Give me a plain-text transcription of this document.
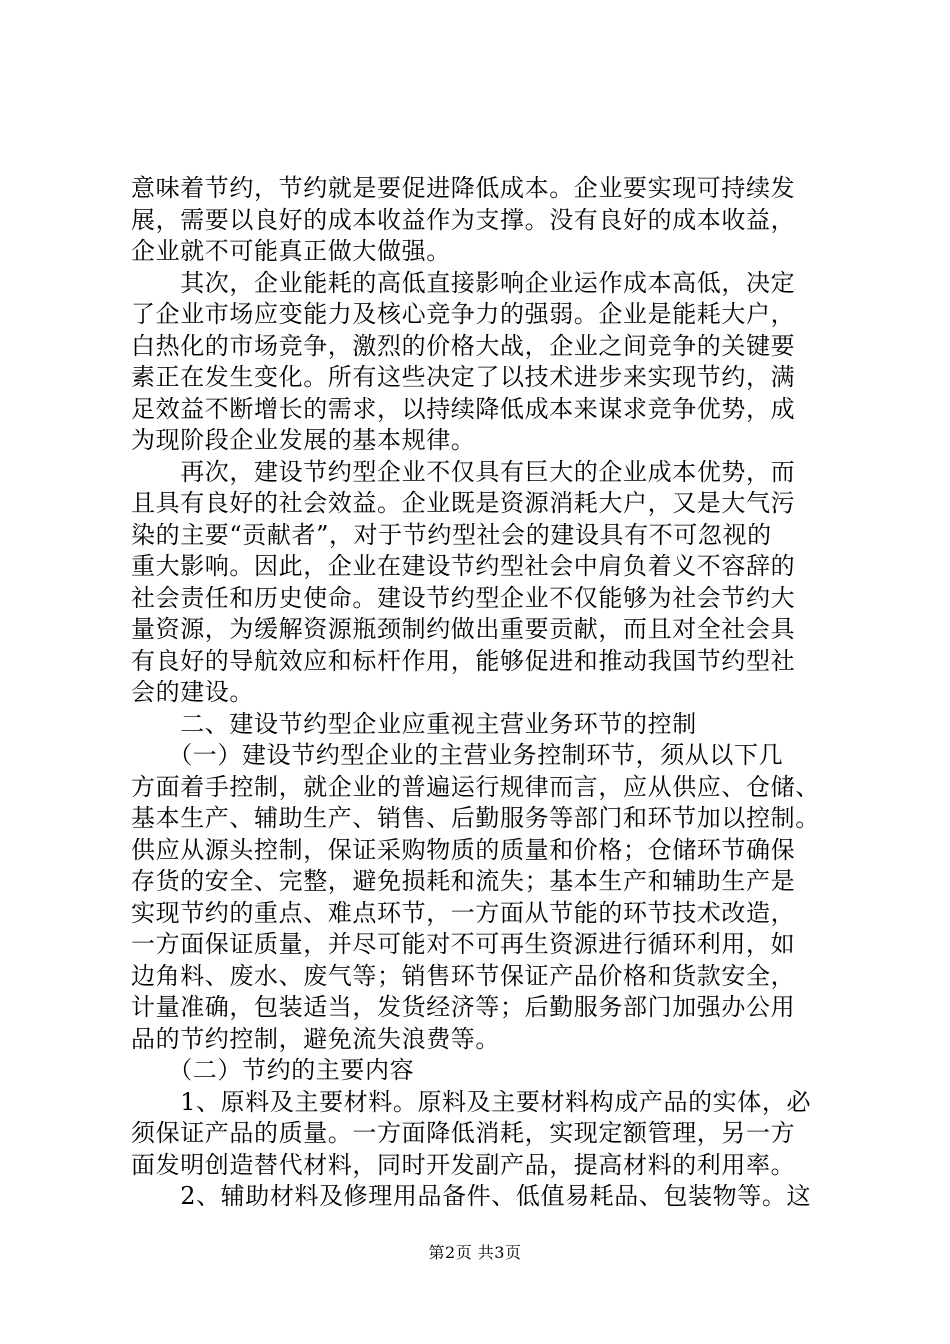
意味着节约，节约就是要促进降低成本。企业要实现可持续发
展，需要以良好的成本收益作为支撑。没有良好的成本收益，
企业就不可能真正做大做强。
　　其次，企业能耗的高低直接影响企业运作成本高低，决定
了企业市场应变能力及核心竞争力的强弱。企业是能耗大户，
白热化的市场竞争，激烈的价格大战，企业之间竞争的关键要
素正在发生变化。所有这些决定了以技术进步来实现节约，满
足效益不断增长的需求，以持续降低成本来谋求竞争优势，成
为现阶段企业发展的基本规律。
　　再次，建设节约型企业不仅具有巨大的企业成本优势，而
且具有良好的社会效益。企业既是资源消耗大户，又是大气污
染的主要“贡献者”，对于节约型社会的建设具有不可忽视的
重大影响。因此，企业在建设节约型社会中肩负着义不容辞的
社会责任和历史使命。建设节约型企业不仅能够为社会节约大
量资源，为缓解资源瓶颈制约做出重要贡献，而且对全社会具
有良好的导航效应和标杆作用，能够促进和推动我国节约型社
会的建设。
　　二、建设节约型企业应重视主营业务环节的控制
　　（一）建设节约型企业的主营业务控制环节，须从以下几
方面着手控制，就企业的普遍运行规律而言，应从供应、仓储、
基本生产、辅助生产、销售、后勤服务等部门和环节加以控制。
供应从源头控制，保证采购物质的质量和价格；仓储环节确保
存货的安全、完整，避免损耗和流失；基本生产和辅助生产是
实现节约的重点、难点环节，一方面从节能的环节技术改造，
一方面保证质量，并尽可能对不可再生资源进行循环利用，如
边角料、废水、废气等；销售环节保证产品价格和货款安全，
计量准确，包装适当，发货经济等；后勤服务部门加强办公用
品的节约控制，避免流失浪费等。
　　（二）节约的主要内容
　　1、原料及主要材料。原料及主要材料构成产品的实体，必
须保证产品的质量。一方面降低消耗，实现定额管理，另一方
面发明创造替代材料，同时开发副产品，提高材料的利用率。
　　2、辅助材料及修理用品备件、低值易耗品、包装物等。这
第2页 共3页
